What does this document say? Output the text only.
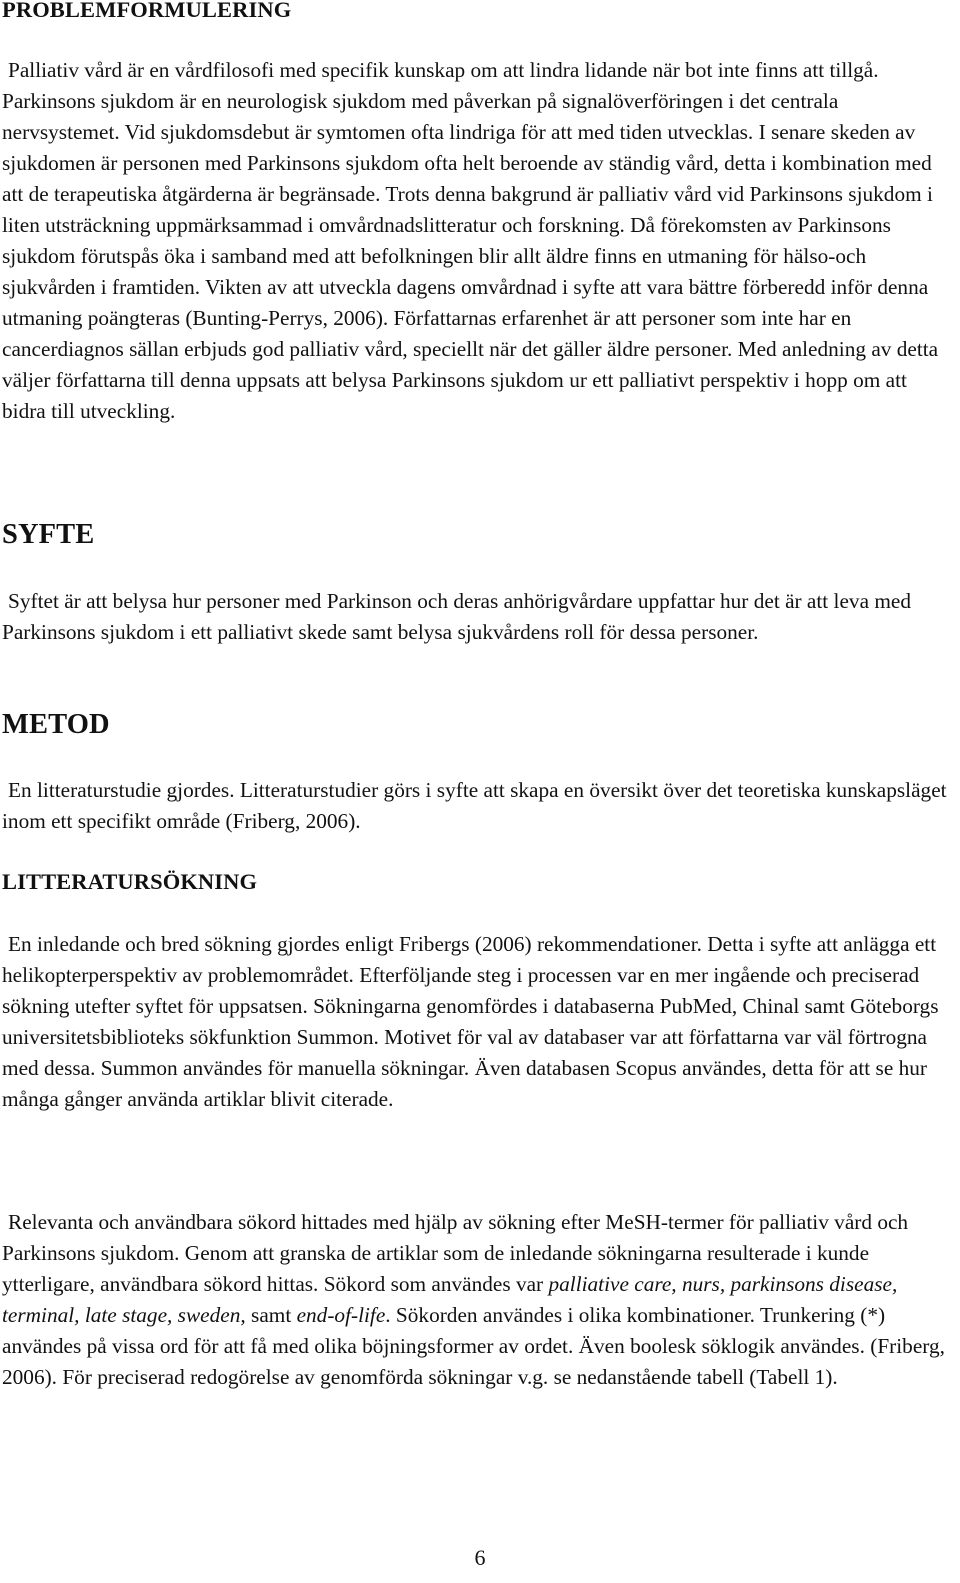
PROBLEMFORMULERING

Palliativ vård är en vårdfilosofi med specifik kunskap om att lindra lidande när bot inte finns att tillgå. Parkinsons sjukdom är en neurologisk sjukdom med påverkan på signalöverföringen i det centrala nervsystemet. Vid sjukdomsdebut är symtomen ofta lindriga för att med tiden utvecklas. I senare skeden av sjukdomen är personen med Parkinsons sjukdom ofta helt beroende av ständig vård, detta i kombination med att de terapeutiska åtgärderna är begränsade. Trots denna bakgrund är palliativ vård vid Parkinsons sjukdom i liten utsträckning uppmärksammad i omvårdnadslitteratur och forskning. Då förekomsten av Parkinsons sjukdom förutspås öka i samband med att befolkningen blir allt äldre finns en utmaning för hälso-och sjukvården i framtiden. Vikten av att utveckla dagens omvårdnad i syfte att vara bättre förberedd inför denna utmaning poängteras (Bunting-Perrys, 2006). Författarnas erfarenhet är att personer som inte har en cancerdiagnos sällan erbjuds god palliativ vård, speciellt när det gäller äldre personer. Med anledning av detta väljer författarna till denna uppsats att belysa Parkinsons sjukdom ur ett palliativt perspektiv i hopp om att bidra till utveckling.

SYFTE

Syftet är att belysa hur personer med Parkinson och deras anhörigvårdare uppfattar hur det är att leva med Parkinsons sjukdom i ett palliativt skede samt belysa sjukvårdens roll för dessa personer.

METOD

En litteraturstudie gjordes. Litteraturstudier görs i syfte att skapa en översikt över det teoretiska kunskapsläget inom ett specifikt område (Friberg, 2006).

LITTERATURSÖKNING

En inledande och bred sökning gjordes enligt Fribergs (2006) rekommendationer. Detta i syfte att anlägga ett helikopterperspektiv av problemområdet. Efterföljande steg i processen var en mer ingående och preciserad sökning utefter syftet för uppsatsen. Sökningarna genomfördes i databaserna PubMed, Chinal samt Göteborgs universitetsbiblioteks sökfunktion Summon. Motivet för val av databaser var att författarna var väl förtrogna med dessa. Summon användes för manuella sökningar. Även databasen Scopus användes, detta för att se hur många gånger använda artiklar blivit citerade.

Relevanta och användbara sökord hittades med hjälp av sökning efter MeSH-termer för palliativ vård och Parkinsons sjukdom. Genom att granska de artiklar som de inledande sökningarna resulterade i kunde ytterligare, användbara sökord hittas. Sökord som användes var palliative care, nurs, parkinsons disease, terminal, late stage, sweden, samt end-of-life. Sökorden användes i olika kombinationer. Trunkering (*) användes på vissa ord för att få med olika böjningsformer av ordet. Även boolesk söklogik användes. (Friberg, 2006). För preciserad redogörelse av genomförda sökningar v.g. se nedanstående tabell (Tabell 1).

6
